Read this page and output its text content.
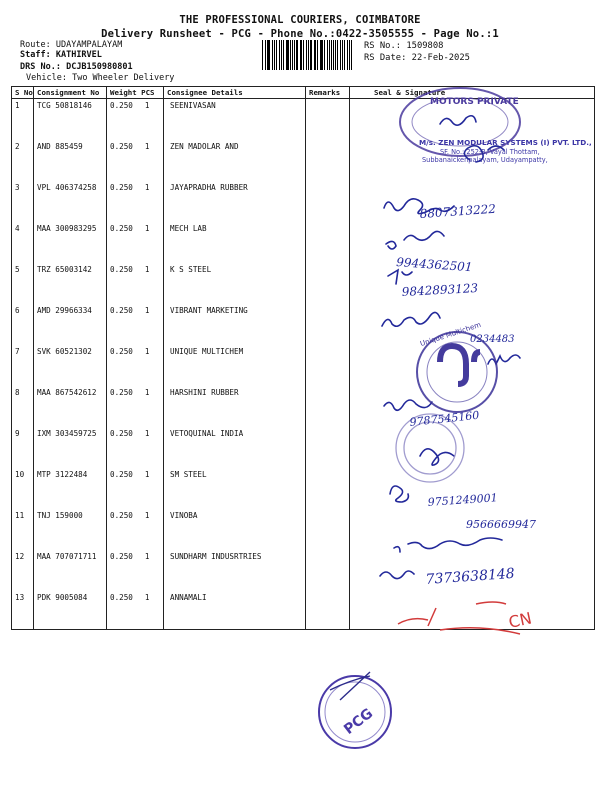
THE PROFESSIONAL COURIERS, COIMBATORE
Delivery Runsheet - PCG - Phone No.:0422-3505555 - Page No.:1
Route: UDAYAMPALAYAM
Staff: KATHIRVEL
DRS No.: DCJB150980801
Vehicle: Two Wheeler Delivery
RS No.: 1509808
RS Date: 22-Feb-2025
S No	Consignment No	Weight PCS	Consignee Details	Remarks	Seal & Signature
1	TCG 50818146	0.250 1	SEENIVASAN		
2	AND 885459	0.250 1	ZEN MADOLAR AND		
3	VPL 406374258	0.250 1	JAYAPRADHA RUBBER		
4	MAA 300983295	0.250 1	MECH LAB		
5	TRZ 65003142	0.250 1	K S STEEL		
6	AMD 29966334	0.250 1	VIBRANT MARKETING		
7	SVK 60521302	0.250 1	UNIQUE MULTICHEM		
8	MAA 867542612	0.250 1	HARSHINI RUBBER		
9	IXM 303459725	0.250 1	VETOQUINAL INDIA		
10	MTP 3122484	0.250 1	SM STEEL		
11	TNJ 159000	0.250 1	VINOBA		
12	MAA 707071711	0.250 1	SUNDHARM INDUSRTRIES		
13	PDK 9005084	0.250 1	ANNAMALI		
MOTORS PRIVATE
M/s. ZEN MODULAR SYSTEMS (I) PVT. LTD.,
SF. No.: 252-B, Vayal Thottam,
Subbanaickenpalayam, Udayampatty,
Unique Multichem
8807313222
9944362501
9842893123
0234483
9787545160
9751249001
9566669947
7373638148
CN
PCG
